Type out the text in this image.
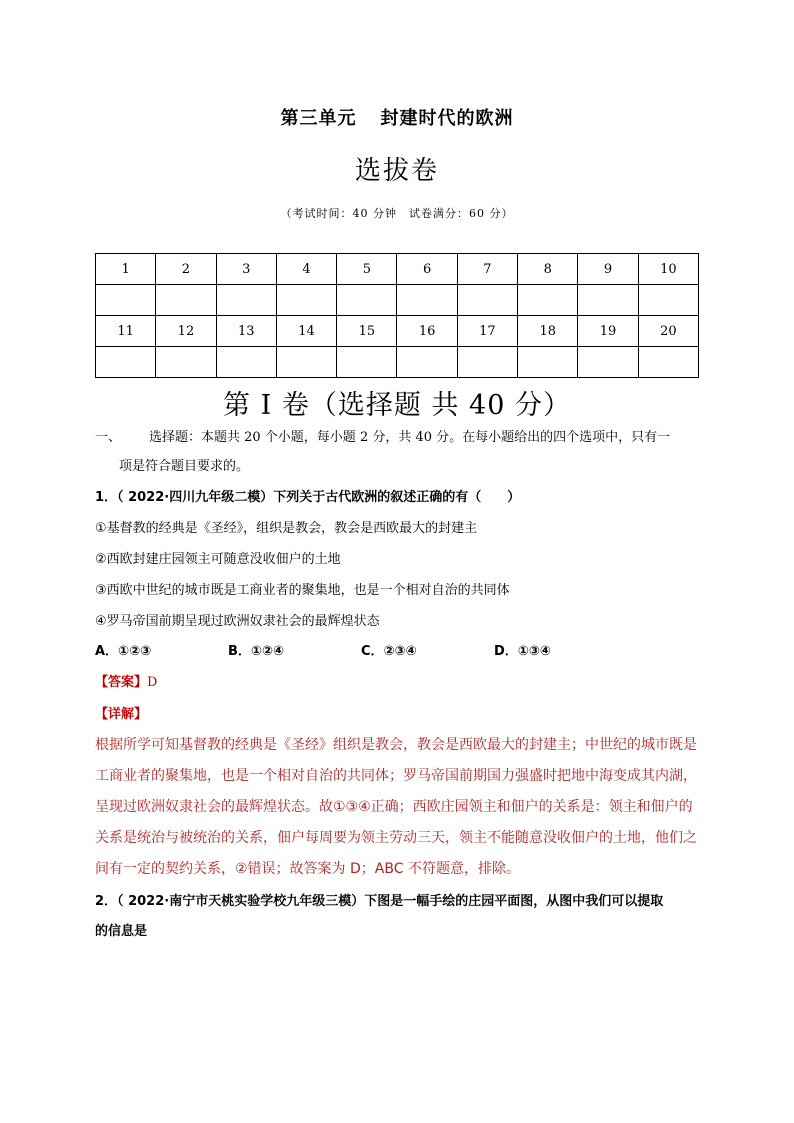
第三单元 封建时代的欧洲
选拔卷
（考试时间：40 分钟　试卷满分：60 分）
1	2	3	4	5	6	7	8	9	10

11	12	13	14	15	16	17	18	19	20

第 I 卷（选择题 共 40 分）
一、 选择题：本题共 20 个小题，每小题 2 分，共 40 分。在每小题给出的四个选项中，只有一
项是符合题目要求的。
1．（ 2022·四川九年级二模）下列关于古代欧洲的叙述正确的有（　　）
①基督教的经典是《圣经》，组织是教会，教会是西欧最大的封建主
②西欧封建庄园领主可随意没收佃户的土地
③西欧中世纪的城市既是工商业者的聚集地，也是一个相对自治的共同体
④罗马帝国前期呈现过欧洲奴隶社会的最辉煌状态
A．①②③	B．①②④	C．②③④	D．①③④
【答案】D
【详解】
根据所学可知基督教的经典是《圣经》组织是教会，教会是西欧最大的封建主；中世纪的城市既是
工商业者的聚集地，也是一个相对自治的共同体；罗马帝国前期国力强盛时把地中海变成其内湖，
呈现过欧洲奴隶社会的最辉煌状态。故①③④正确；西欧庄园领主和佃户的关系是：领主和佃户的
关系是统治与被统治的关系，佃户每周要为领主劳动三天，领主不能随意没收佃户的土地，他们之
间有一定的契约关系，②错误；故答案为 D；ABC 不符题意，排除。
2．（ 2022·南宁市天桃实验学校九年级三模）下图是一幅手绘的庄园平面图，从图中我们可以提取
的信息是
